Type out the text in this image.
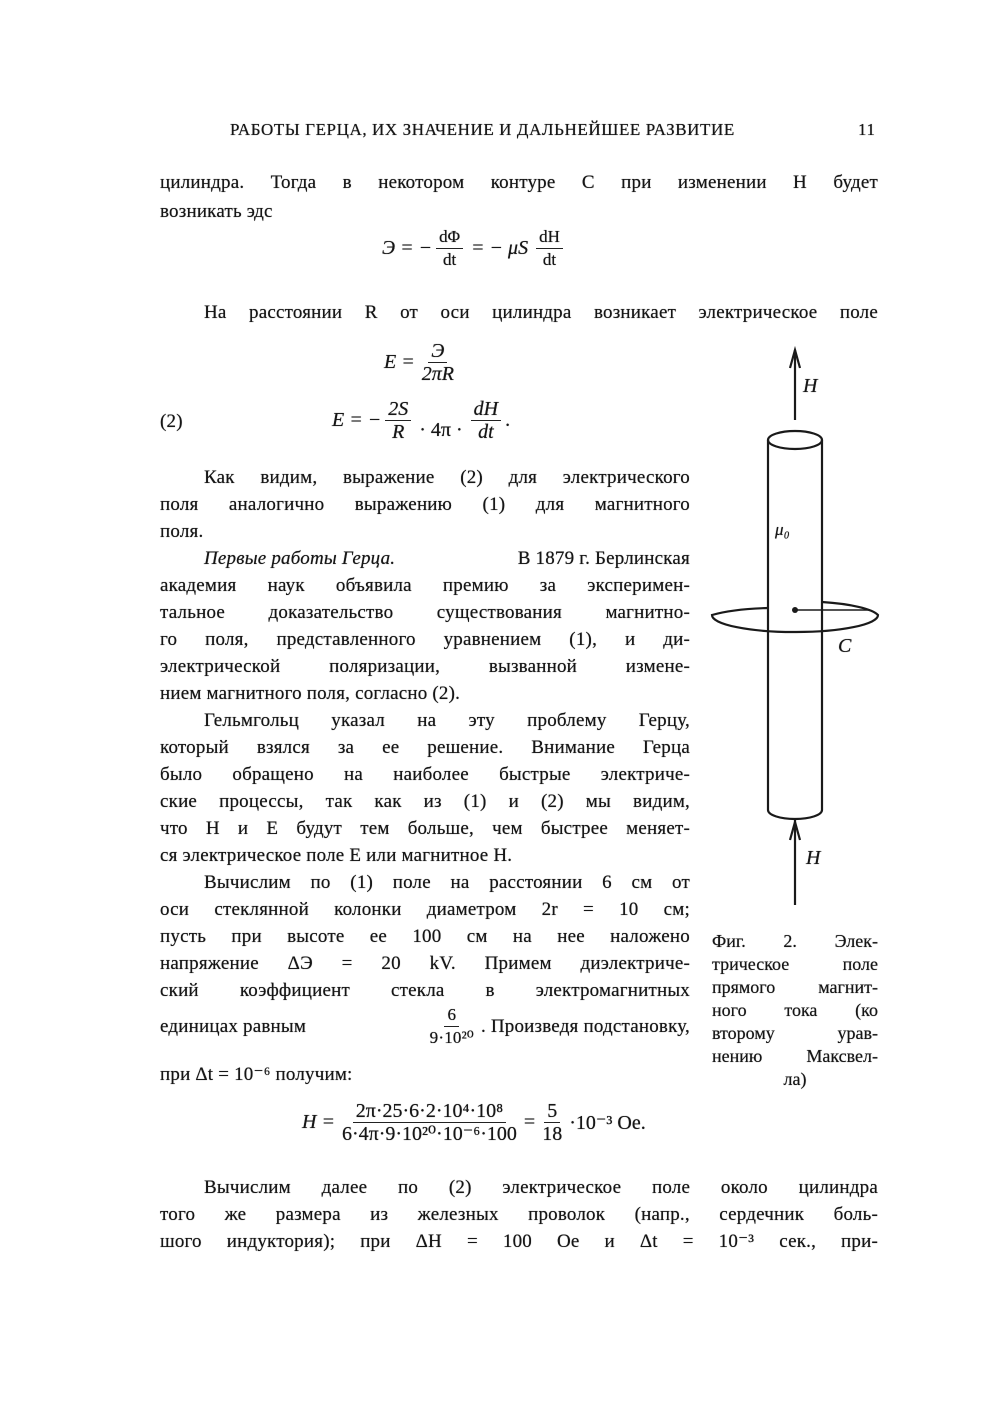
РАБОТЫ ГЕРЦА, ИХ ЗНАЧЕНИЕ И ДАЛЬНЕЙШЕЕ РАЗВИТИЕ	11
цилиндра. Тогда в некотором контуре C при изменении H будет
возникать эдс
Э = − $\frac{d\Phi}{dt}$ = − μS $\frac{dH}{dt}$
На расстоянии R от оси цилиндра возникает электрическое поле
E = Э
2πR
(2)	E = − $\frac{2S}{R} \cdot 4\pi \cdot \frac{dH}{dt}$ .
Как видим, выражение (2) для электрического
поля аналогично выражению (1) для магнитного
поля.
Первые работы Герца.	В 1879 г. Берлинская
академия наук объявила премию за эксперимен-
тальное доказательство существования магнитно-
го поля, представленного уравнением (1), и ди-
электрической поляризации, вызванной измене-
нием магнитного поля, согласно (2).
Гельмгольц указал на эту проблему Герцу,
который взялся за ее решение. Внимание Герца
было обращено на наиболее быстрые электриче-
ские процессы, так как из (1) и (2) мы видим,
что H и E будут тем больше, чем быстрее меняет-
ся электрическое поле E или магнитное H.
Вычислим по (1) поле на расстоянии 6 см от
оси стеклянной колонки диаметром 2r = 10 см;
пусть при высоте ее 100 см на нее наложено
напряжение ΔЭ = 20 kV. Примем диэлектриче-
ский коэффициент стекла в электромагнитных
единицах равным	$\frac{6}{\text{9·10²⁰}}$ . Произведя подстановку,
при Δt = 10⁻⁶ получим:
$H = \frac{\text{2π·25·6·2·10⁴·10⁸}}{\text{6·4π·9·10²⁰·10⁻⁶·100}} = \frac{5}{18} \cdot 10^{-3}$ Oe.
Вычислим далее по (2) электрическое поле около цилиндра
того же размера из железных проволок (напр., сердечник боль-
шого индуктория); при ΔH = 100 Oe и Δt = 10⁻³ сек., при-
H
μ₀
C
H
Фиг. 2. Элек-
трическое поле
прямого магнит-
ного тока (ко
второму урав-
нению Максвел-
ла)
